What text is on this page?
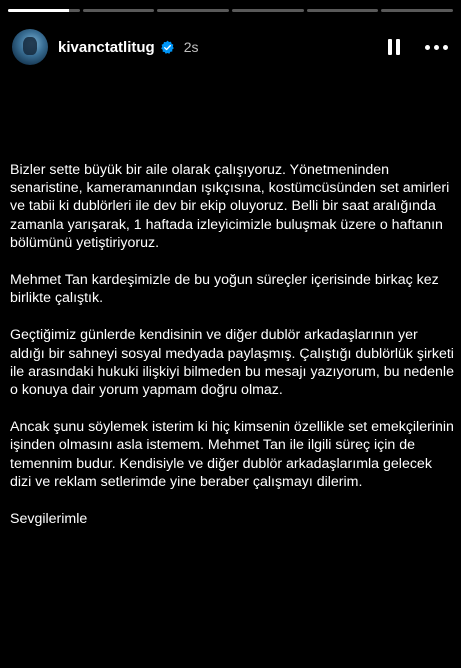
kivanctatlitug 2s

Bizler sette büyük bir aile olarak çalışıyoruz. Yönetmeninden senaristine, kameramanından ışıkçısına, kostümcüsünden set amirleri ve tabii ki dublörleri ile dev bir ekip oluyoruz. Belli bir saat aralığında zamanla yarışarak, 1 haftada izleyicimizle buluşmak üzere o haftanın bölümünü yetiştiriyoruz.

Mehmet Tan kardeşimizle de bu yoğun süreçler içerisinde birkaç kez birlikte çalıştık.

Geçtiğimiz günlerde kendisinin ve diğer dublör arkadaşlarının yer aldığı bir sahneyi sosyal medyada paylaşmış. Çalıştığı dublörlük şirketi ile arasındaki hukuki ilişkiyi bilmeden bu mesajı yazıyorum, bu nedenle o konuya dair yorum yapmam doğru olmaz.

Ancak şunu söylemek isterim ki hiç kimsenin özellikle set emekçilerinin işinden olmasını asla istemem. Mehmet Tan ile ilgili süreç için de temennim budur. Kendisiyle ve diğer dublör arkadaşlarımla gelecek dizi ve reklam setlerimde yine beraber çalışmayı dilerim.

Sevgilerimle
